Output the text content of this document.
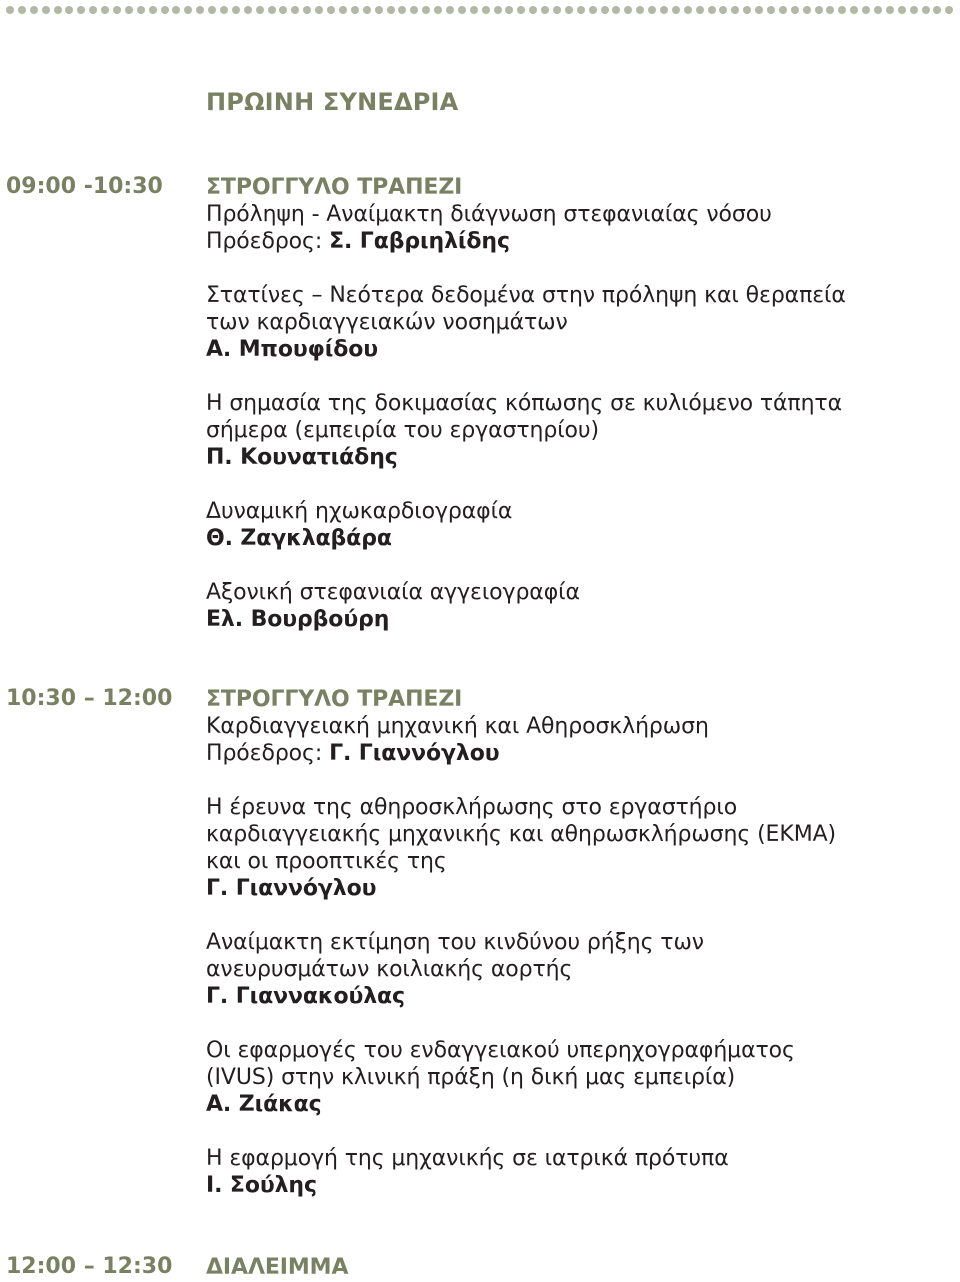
ΠΡΩΙΝΗ ΣΥΝΕΔΡΙΑ
09:00 -10:30 ΣΤΡΟΓΓΥΛΟ ΤΡΑΠΕΖΙ
Πρόληψη - Αναίμακτη διάγνωση στεφανιαίας νόσου
Πρόεδρος: Σ. Γαβριηλίδης
Στατίνες – Νεότερα δεδομένα στην πρόληψη και θεραπεία
των καρδιαγγειακών νοσημάτων
Α. Μπουφίδου
Η σημασία της δοκιμασίας κόπωσης σε κυλιόμενο τάπητα
σήμερα (εμπειρία του εργαστηρίου)
Π. Κουνατιάδης
Δυναμική ηχωκαρδιογραφία
Θ. Ζαγκλαβάρα
Αξονική στεφανιαία αγγειογραφία
Ελ. Βουρβούρη
10:30 – 12:00 ΣΤΡΟΓΓΥΛΟ ΤΡΑΠΕΖΙ
Καρδιαγγειακή μηχανική και Αθηροσκλήρωση
Πρόεδρος: Γ. Γιαννόγλου
Η έρευνα της αθηροσκλήρωσης στο εργαστήριο
καρδιαγγειακής μηχανικής και αθηρωσκλήρωσης (ΕΚΜΑ)
και οι προοπτικές της
Γ. Γιαννόγλου
Αναίμακτη εκτίμηση του κινδύνου ρήξης των
ανευρυσμάτων κοιλιακής αορτής
Γ. Γιαννακούλας
Οι εφαρμογές του ενδαγγειακού υπερηχογραφήματος
(IVUS) στην κλινική πράξη (η δική μας εμπειρία)
Α. Ζιάκας
Η εφαρμογή της μηχανικής σε ιατρικά πρότυπα
Ι. Σούλης
12:00 – 12:30 ΔΙΑΛΕΙΜΜΑ
